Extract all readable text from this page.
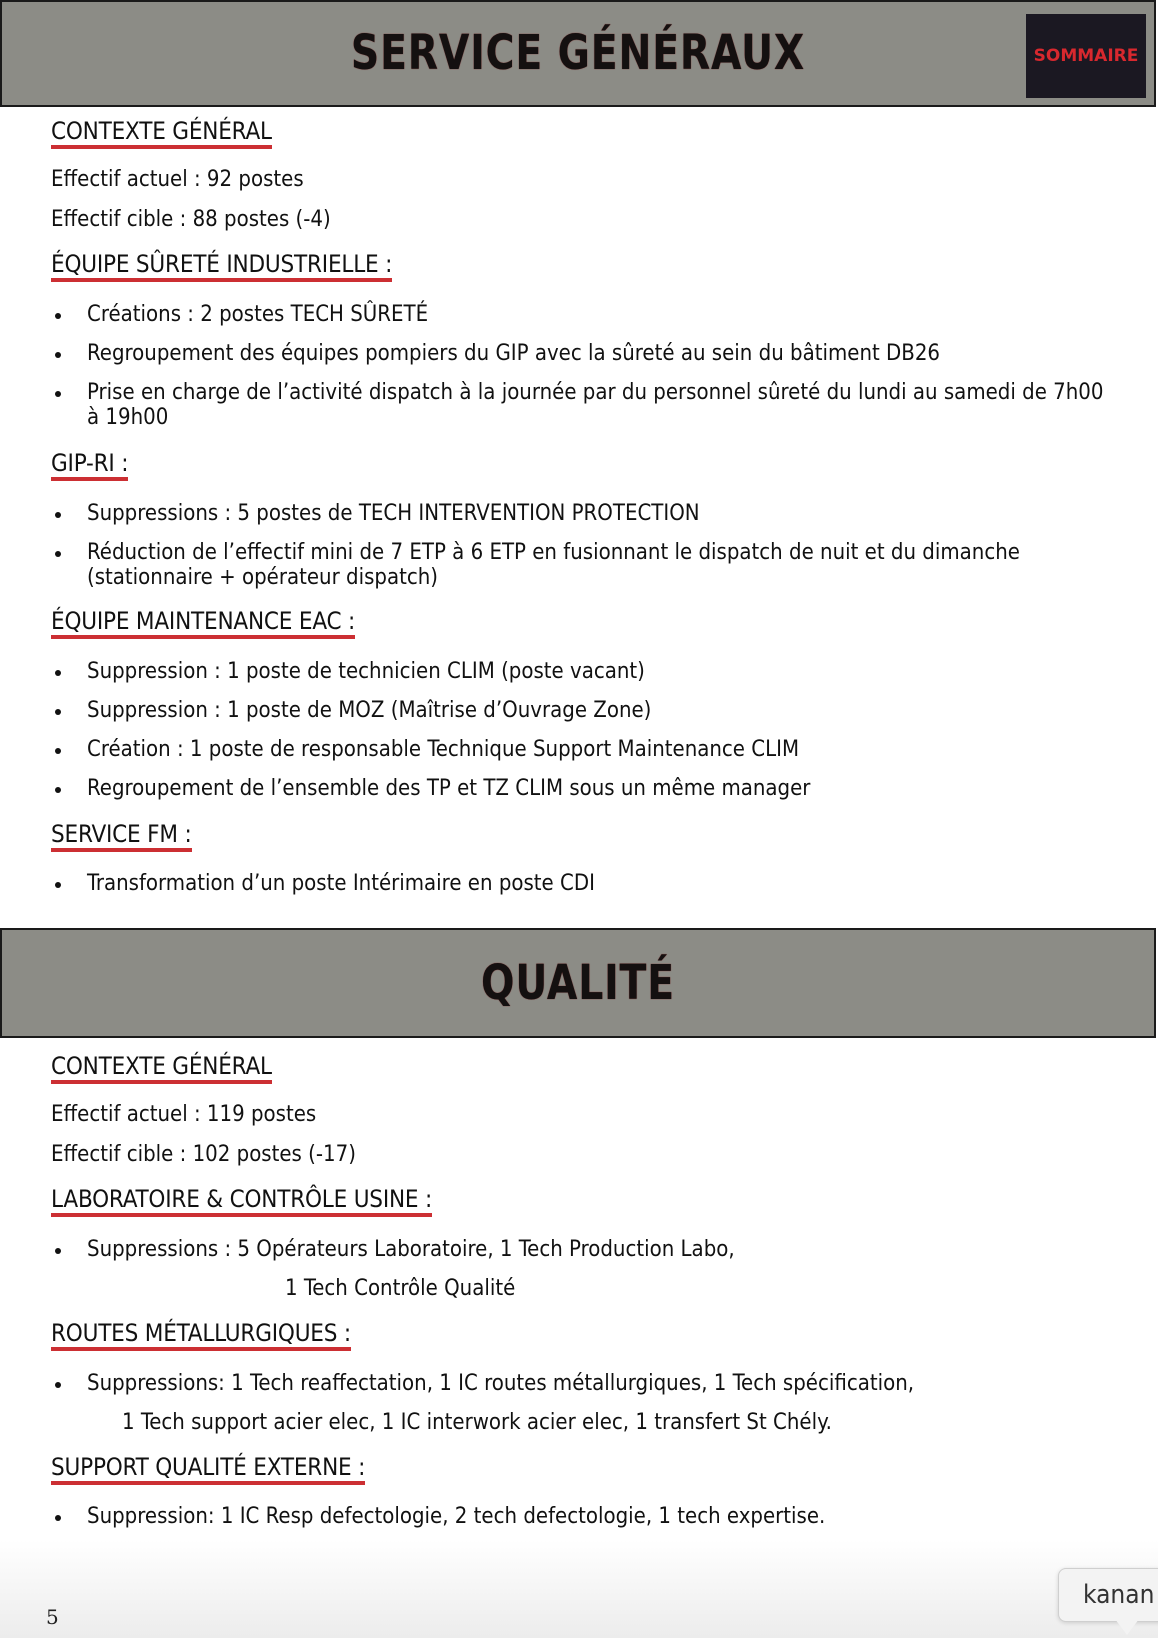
SERVICE GÉNÉRAUX	SOMMAIRE
CONTEXTE GÉNÉRAL
Effectif actuel : 92 postes
Effectif cible : 88 postes (-4)
ÉQUIPE SÛRETÉ INDUSTRIELLE :
Créations : 2 postes TECH SÛRETÉ
Regroupement des équipes pompiers du GIP avec la sûreté au sein du bâtiment DB26
Prise en charge de l’activité dispatch à la journée par du personnel sûreté du lundi au samedi de 7h00 à 19h00
GIP-RI :
Suppressions : 5 postes de TECH INTERVENTION PROTECTION
Réduction de l’effectif mini de 7 ETP à 6 ETP en fusionnant le dispatch de nuit et du dimanche (stationnaire + opérateur dispatch)
ÉQUIPE MAINTENANCE EAC :
Suppression : 1 poste de technicien CLIM (poste vacant)
Suppression : 1 poste de MOZ (Maîtrise d’Ouvrage Zone)
Création : 1 poste de responsable Technique Support Maintenance CLIM
Regroupement de l’ensemble des TP et TZ CLIM sous un même manager
SERVICE FM :
Transformation d’un poste Intérimaire en poste CDI
QUALITÉ
CONTEXTE GÉNÉRAL
Effectif actuel : 119 postes
Effectif cible : 102 postes (-17)
LABORATOIRE & CONTRÔLE USINE :
Suppressions : 5 Opérateurs Laboratoire, 1 Tech Production Labo,
1 Tech Contrôle Qualité
ROUTES MÉTALLURGIQUES :
Suppressions: 1 Tech reaffectation, 1 IC routes métallurgiques, 1 Tech spécification,
1 Tech support acier elec, 1 IC interwork acier elec, 1 transfert St Chély.
SUPPORT QUALITÉ EXTERNE :
Suppression: 1 IC Resp defectologie, 2 tech defectologie, 1 tech expertise.
5
kanan
